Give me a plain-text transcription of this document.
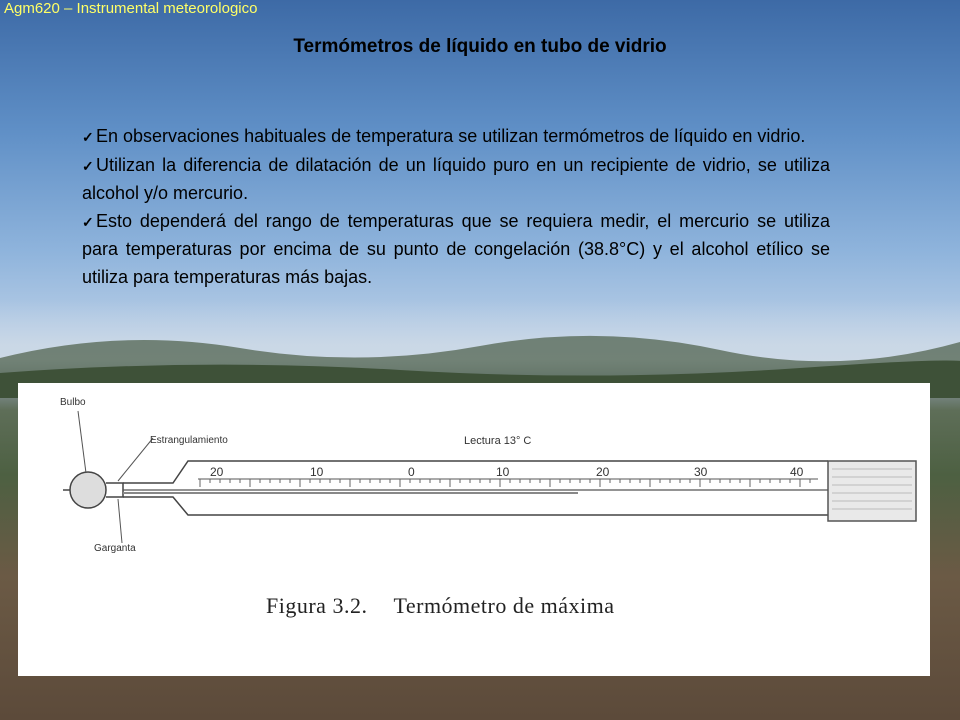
Agm620 – Instrumental meteorologico
Termómetros de líquido en tubo de vidrio
✓ En observaciones habituales de temperatura se utilizan termómetros de líquido en vidrio.
✓ Utilizan la diferencia de dilatación de un líquido puro en un recipiente de vidrio, se utiliza alcohol y/o mercurio.
✓ Esto dependerá del rango de temperaturas que se requiera medir, el mercurio se utiliza para temperaturas por encima de su punto de congelación (38.8°C) y el alcohol etílico se utiliza para temperaturas más bajas.
Bulbo
Estrangulamiento	Lectura 13° C
Garganta
20	10	0	10	20	30	40
Figura 3.2. Termómetro de máxima
